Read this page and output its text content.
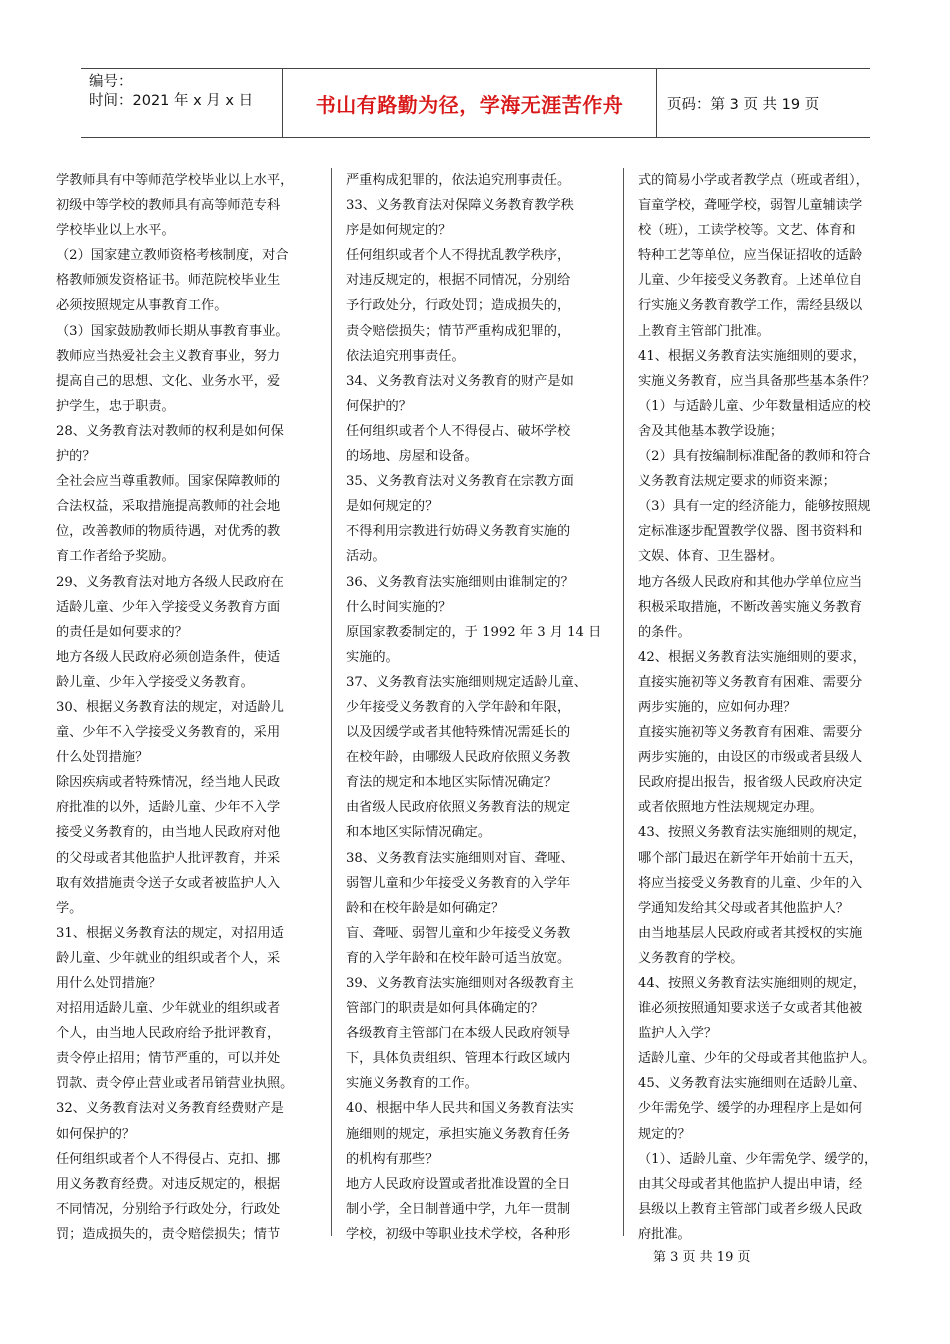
编号：
时间：2021 年 x 月 x 日	书山有路勤为径，学海无涯苦作舟	页码：第 3 页 共 19 页

学教师具有中等师范学校毕业以上水平，

初级中等学校的教师具有高等师范专科

学校毕业以上水平。

（2）国家建立教师资格考核制度，对合

格教师颁发资格证书。师范院校毕业生

必须按照规定从事教育工作。

（3）国家鼓励教师长期从事教育事业。

教师应当热爱社会主义教育事业，努力

提高自己的思想、文化、业务水平，爱

护学生，忠于职责。

28、义务教育法对教师的权利是如何保

护的？

全社会应当尊重教师。国家保障教师的

合法权益，采取措施提高教师的社会地

位，改善教师的物质待遇，对优秀的教

育工作者给予奖励。

29、义务教育法对地方各级人民政府在

适龄儿童、少年入学接受义务教育方面

的责任是如何要求的？

地方各级人民政府必须创造条件，使适

龄儿童、少年入学接受义务教育。

30、根据义务教育法的规定，对适龄儿

童、少年不入学接受义务教育的，采用

什么处罚措施？

除因疾病或者特殊情况，经当地人民政

府批准的以外，适龄儿童、少年不入学

接受义务教育的，由当地人民政府对他

的父母或者其他监护人批评教育，并采

取有效措施责令送子女或者被监护人入

学。

31、根据义务教育法的规定，对招用适

龄儿童、少年就业的组织或者个人，采

用什么处罚措施？

对招用适龄儿童、少年就业的组织或者

个人，由当地人民政府给予批评教育，

责令停止招用；情节严重的，可以并处

罚款、责令停止营业或者吊销营业执照。

32、义务教育法对义务教育经费财产是

如何保护的？

任何组织或者个人不得侵占、克扣、挪

用义务教育经费。对违反规定的，根据

不同情况，分别给予行政处分，行政处

罚；造成损失的，责令赔偿损失；情节

严重构成犯罪的，依法追究刑事责任。

33、义务教育法对保障义务教育教学秩

序是如何规定的？

任何组织或者个人不得扰乱教学秩序，

对违反规定的，根据不同情况，分别给

予行政处分，行政处罚；造成损失的，

责令赔偿损失；情节严重构成犯罪的，

依法追究刑事责任。

34、义务教育法对义务教育的财产是如

何保护的？

任何组织或者个人不得侵占、破坏学校

的场地、房屋和设备。

35、义务教育法对义务教育在宗教方面

是如何规定的？

不得利用宗教进行妨碍义务教育实施的

活动。

36、义务教育法实施细则由谁制定的？

什么时间实施的？

原国家教委制定的，于 1992 年 3 月 14 日

实施的。

37、义务教育法实施细则规定适龄儿童、

少年接受义务教育的入学年龄和年限，

以及因缓学或者其他特殊情况需延长的

在校年龄，由哪级人民政府依照义务教

育法的规定和本地区实际情况确定？

由省级人民政府依照义务教育法的规定

和本地区实际情况确定。

38、义务教育法实施细则对盲、聋哑、

弱智儿童和少年接受义务教育的入学年

龄和在校年龄是如何确定？

盲、聋哑、弱智儿童和少年接受义务教

育的入学年龄和在校年龄可适当放宽。

39、义务教育法实施细则对各级教育主

管部门的职责是如何具体确定的？

各级教育主管部门在本级人民政府领导

下，具体负责组织、管理本行政区域内

实施义务教育的工作。

40、根据中华人民共和国义务教育法实

施细则的规定，承担实施义务教育任务

的机构有那些？

地方人民政府设置或者批准设置的全日

制小学，全日制普通中学，九年一贯制

学校，初级中等职业技术学校，各种形

式的简易小学或者教学点（班或者组），

盲童学校，聋哑学校，弱智儿童辅读学

校（班），工读学校等。文艺、体育和

特种工艺等单位，应当保证招收的适龄

儿童、少年接受义务教育。上述单位自

行实施义务教育教学工作，需经县级以

上教育主管部门批准。

41、根据义务教育法实施细则的要求，

实施义务教育，应当具备那些基本条件？

（1）与适龄儿童、少年数量相适应的校

舍及其他基本教学设施；

（2）具有按编制标准配备的教师和符合

义务教育法规定要求的师资来源；

（3）具有一定的经济能力，能够按照规

定标准逐步配置教学仪器、图书资料和

文娱、体育、卫生器材。

地方各级人民政府和其他办学单位应当

积极采取措施，不断改善实施义务教育

的条件。

42、根据义务教育法实施细则的要求，

直接实施初等义务教育有困难、需要分

两步实施的，应如何办理？

直接实施初等义务教育有困难、需要分

两步实施的，由设区的市级或者县级人

民政府提出报告，报省级人民政府决定

或者依照地方性法规规定办理。

43、按照义务教育法实施细则的规定，

哪个部门最迟在新学年开始前十五天，

将应当接受义务教育的儿童、少年的入

学通知发给其父母或者其他监护人？

由当地基层人民政府或者其授权的实施

义务教育的学校。

44、按照义务教育法实施细则的规定，

谁必须按照通知要求送子女或者其他被

监护人入学？

适龄儿童、少年的父母或者其他监护人。

45、义务教育法实施细则在适龄儿童、

少年需免学、缓学的办理程序上是如何

规定的？

（1）、适龄儿童、少年需免学、缓学的，

由其父母或者其他监护人提出申请，经

县级以上教育主管部门或者乡级人民政

府批准。

第 3 页 共 19 页
